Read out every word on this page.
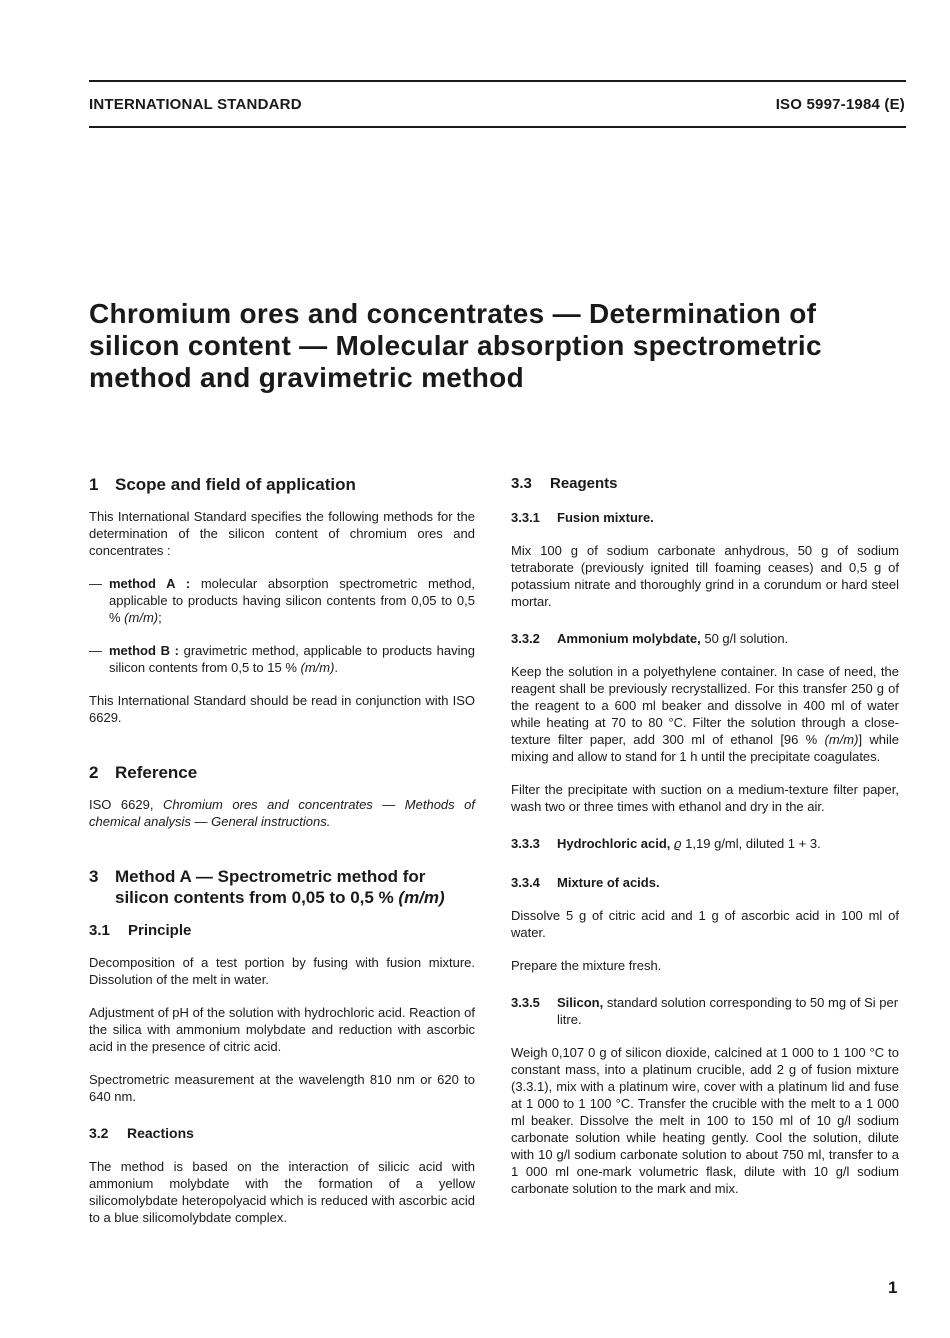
INTERNATIONAL STANDARD	ISO 5997-1984 (E)
Chromium ores and concentrates — Determination of silicon content — Molecular absorption spectrometric method and gravimetric method
1 Scope and field of application

This International Standard specifies the following methods for the determination of the silicon content of chromium ores and concentrates :

— method A : molecular absorption spectrometric method, applicable to products having silicon contents from 0,05 to 0,5 % (m/m);

— method B : gravimetric method, applicable to products having silicon contents from 0,5 to 15 % (m/m).

This International Standard should be read in conjunction with ISO 6629.

2 Reference

ISO 6629, Chromium ores and concentrates — Methods of chemical analysis — General instructions.

3 Method A — Spectrometric method for silicon contents from 0,05 to 0,5 % (m/m)
3.1 Principle

Decomposition of a test portion by fusing with fusion mixture. Dissolution of the melt in water.

Adjustment of pH of the solution with hydrochloric acid. Reaction of the silica with ammonium molybdate and reduction with ascorbic acid in the presence of citric acid.

Spectrometric measurement at the wavelength 810 nm or 620 to 640 nm.

3.2 Reactions

The method is based on the interaction of silicic acid with ammonium molybdate with the formation of a yellow silicomolybdate heteropolyacid which is reduced with ascorbic acid to a blue silicomolybdate complex.

3.3 Reagents
3.3.1 Fusion mixture.

Mix 100 g of sodium carbonate anhydrous, 50 g of sodium tetraborate (previously ignited till foaming ceases) and 0,5 g of potassium nitrate and thoroughly grind in a corundum or hard steel mortar.

3.3.2 Ammonium molybdate, 50 g/l solution.

Keep the solution in a polyethylene container. In case of need, the reagent shall be previously recrystallized. For this transfer 250 g of the reagent to a 600 ml beaker and dissolve in 400 ml of water while heating at 70 to 80 °C. Filter the solution through a close-texture filter paper, add 300 ml of ethanol [96 % (m/m)] while mixing and allow to stand for 1 h until the precipitate coagulates.

Filter the precipitate with suction on a medium-texture filter paper, wash two or three times with ethanol and dry in the air.

3.3.3 Hydrochloric acid, ϱ 1,19 g/ml, diluted 1 + 3.
3.3.4 Mixture of acids.

Dissolve 5 g of citric acid and 1 g of ascorbic acid in 100 ml of water.

Prepare the mixture fresh.

3.3.5 Silicon, standard solution corresponding to 50 mg of Si per litre.

Weigh 0,107 0 g of silicon dioxide, calcined at 1 000 to 1 100 °C to constant mass, into a platinum crucible, add 2 g of fusion mixture (3.3.1), mix with a platinum wire, cover with a platinum lid and fuse at 1 000 to 1 100 °C. Transfer the crucible with the melt to a 1 000 ml beaker. Dissolve the melt in 100 to 150 ml of 10 g/l sodium carbonate solution while heating gently. Cool the solution, dilute with 10 g/l sodium carbonate solution to about 750 ml, transfer to a 1 000 ml one-mark volumetric flask, dilute with 10 g/l sodium carbonate solution to the mark and mix.

1
